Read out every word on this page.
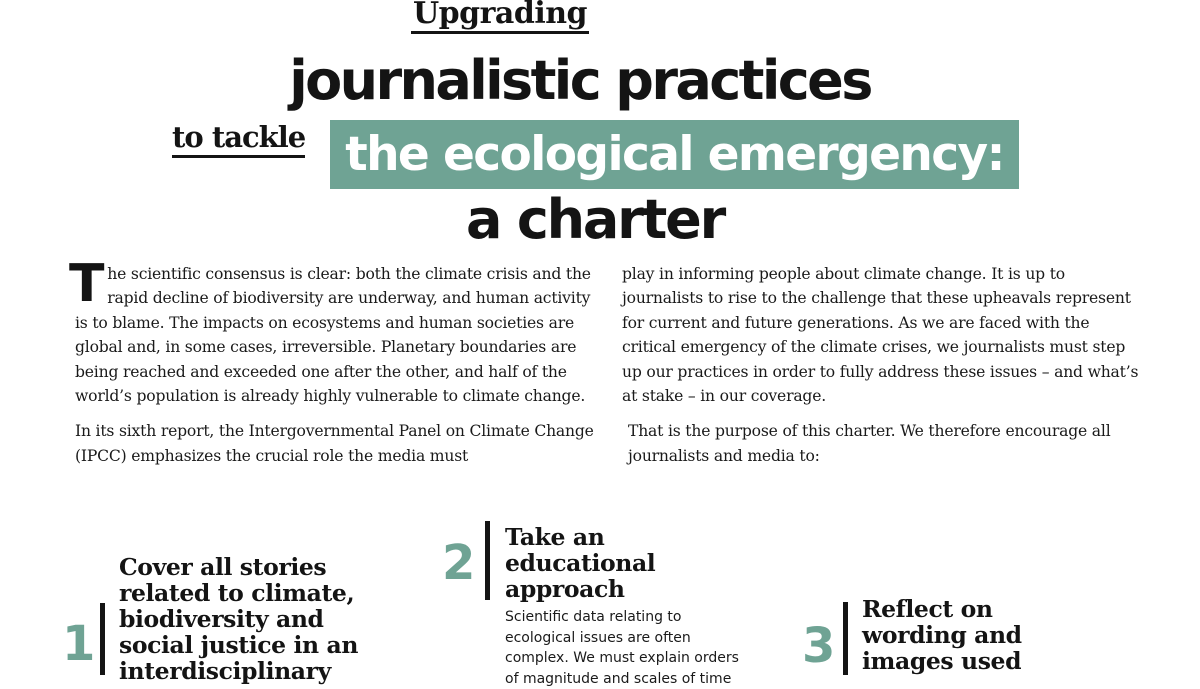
Upgrading
journalistic practices
to tackle the ecological emergency:
a charter

The scientific consensus is clear: both the climate crisis and the rapid decline of biodiversity are underway, and human activity is to blame. The impacts on ecosystems and human societies are global and, in some cases, irreversible. Planetary boundaries are being reached and exceeded one after the other, and half of the world’s population is already highly vulnerable to climate change.

In its sixth report, the Intergovernmental Panel on Climate Change (IPCC) emphasizes the crucial role the media must

play in informing people about climate change. It is up to journalists to rise to the challenge that these upheavals represent for current and future generations. As we are faced with the critical emergency of the climate crises, we journalists must step up our practices in order to fully address these issues – and what’s at stake – in our coverage.

That is the purpose of this charter. We therefore encourage all journalists and media to:

Cover all stories
related to climate,
biodiversity and
social justice in an
interdisciplinary
1
2 Take an
educational
approach
Scientific data relating to ecological issues are often complex. We must explain orders of magnitude and scales of time
3
Reflect on
wording and
images used
